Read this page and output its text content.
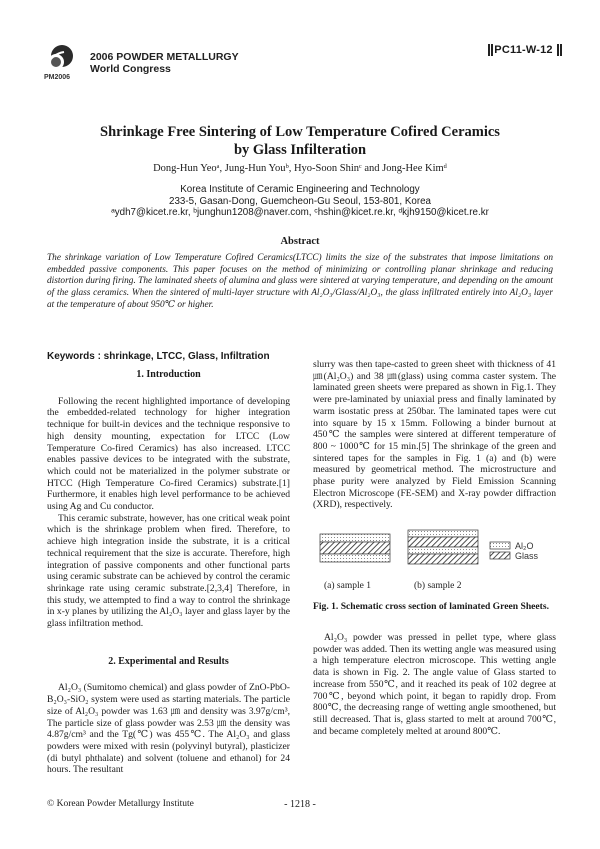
PM2006
2006 POWDER METALLURGY
World Congress
PC11-W-12
Shrinkage Free Sintering of Low Temperature Cofired Ceramics
by Glass Infilteration
Dong-Hun Yeoᵃ, Jung-Hun Youᵇ, Hyo-Soon Shinᶜ and Jong-Hee Kimᵈ
Korea Institute of Ceramic Engineering and Technology
233-5, Gasan-Dong, Guemcheon-Gu Seoul, 153-801, Korea
ᵃydh7@kicet.re.kr, ᵇjunghun1208@naver.com, ᶜhshin@kicet.re.kr, ᵈkjh9150@kicet.re.kr
Abstract
The shrinkage variation of Low Temperature Cofired Ceramics(LTCC) limits the size of the substrates that impose limitations on embedded passive components. This paper focuses on the method of minimizing or controlling planar shrinkage and reducing distortion during firing. The laminated sheets of alumina and glass were sintered at varying temperature, and depending on the amount of the glass ceramics. When the sintered of multi-layer structure with Al₂O₃/Glass/Al₂O₃, the glass infiltrated entirely into Al₂O₃ layer at the temperature of about 950℃ or higher.
Keywords : shrinkage, LTCC, Glass, Infiltration
1. Introduction

Following the recent highlighted importance of developing the embedded-related technology for higher integration technique for built-in devices and the technique responsive to high density mounting, expectation for LTCC (Low Temperature Co-fired Ceramics) has also increased. LTCC enables passive devices to be integrated with the substrate, which could not be materialized in the polymer substrate or HTCC (High Temperature Co-fired Ceramics) substrate.[1] Furthermore, it enables high level performance to be achieved using Ag and Cu conductor.

This ceramic substrate, however, has one critical weak point which is the shrinkage problem when fired. Therefore, to achieve high integration inside the substrate, it is a critical technical requirement that the size is accurate. Therefore, high integration of passive components and other functional parts using ceramic substrate can be achieved by control the ceramic shrinkage rate using ceramic substrate.[2,3,4] Therefore, in this study, we attempted to find a way to control the shrinkage in x-y planes by utilizing the Al₂O₃ layer and glass layer by the glass infiltration method.

2. Experimental and Results

Al₂O₃ (Sumitomo chemical) and glass powder of ZnO-PbO-B₂O₃-SiO₂ system were used as starting materials. The particle size of Al₂O₃ powder was 1.63 ㎛ and density was 3.97g/cm³, The particle size of glass powder was 2.53 ㎛ the density was 4.87g/cm³ and the Tg(℃) was 455℃. The Al₂O₃ and glass powders were mixed with resin (polyvinyl butyral), plasticizer (di butyl phthalate) and solvent (toluene and ethanol) for 24 hours. The resultant

slurry was then tape-casted to green sheet with thickness of 41 ㎛(Al₂O₃) and 38 ㎛(glass) using comma caster system. The laminated green sheets were prepared as shown in Fig.1. They were pre-laminated by uniaxial press and finally laminated by warm isostatic press at 250bar. The laminated tapes were cut into square by 15 x 15mm. Following a binder burnout at 450℃ the samples were sintered at different temperature of 800 ~ 1000℃ for 15 min.[5] The shrinkage of the green and sintered tapes for the samples in Fig. 1 (a) and (b) were measured by geometrical method. The microstructure and phase purity were analyzed by Field Emission Scanning Electron Microscope (FE-SEM) and X-ray powder diffraction (XRD), respectively.

Al₂O
Glass
(a) sample 1	(b) sample 2
Fig. 1. Schematic cross section of laminated Green Sheets.

Al₂O₃ powder was pressed in pellet type, where glass powder was added. Then its wetting angle was measured using a high temperature electron microscope. This wetting angle data is shown in Fig. 2. The angle value of Glass started to increase from 550℃, and it reached its peak of 102 degree at 700℃, beyond which point, it began to rapidly drop. From 800℃, the decreasing range of wetting angle smoothened, but still decreased. That is, glass started to melt at around 700℃, and became completely melted at around 800℃.

© Korean Powder Metallurgy Institute	- 1218 -
